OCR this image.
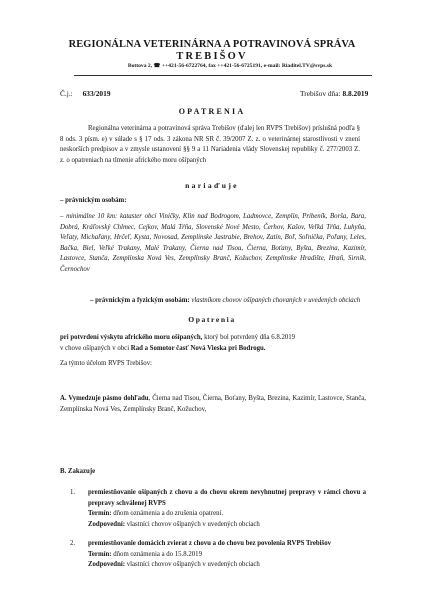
REGIONÁLNA VETERINÁRNA A POTRAVINOVÁ SPRÁVA
TREBIŠOV
Bottova 2, ☎ ++421-56-6722764, fax ++421-56-6725191, e-mail: Riaditel.TV@svps.sk
Č.j.: 633/2019	Trebišov dňa: 8.8.2019
OPATRENIA
Regionálna veterinárna a potravinová správa Trebišov (ďalej len RVPS Trebišov) príslušná podľa § 8 ods. 3 písm. e) v súlade s § 17 ods. 3 zákona NR SR č. 39/2007 Z. z. o veterinárnej starostlivosti v znení neskorších predpisov a v zmysle ustanovení §§ 9 a 11 Nariadenia vlády Slovenskej republiky č. 277/2003 Z. z. o opatreniach na tlmenie afrického moru ošípaných
nariaďuje
– právnickým osobám:
– minimálne 10 km: kataster obcí Viničky, Klin nad Bodrogom, Ladmovce, Zemplín, Pribeník, Borša, Bara, Dobrá, Kráľovský Chlmec, Cejkov, Malá Tŕňa, Slovenské Nové Mesto, Čerhov, Kašov, Veľká Tŕňa, Luhyňa, Veľaty, Michaľany, Hrčeľ, Kysta, Novosad, Zemplínske Jastrabie, Brehov, Zatín, Boľ, Soľnička, Poľany, Leles, Bačka, Biel, Veľké Trakany, Malé Trakany, Čierna nad Tisou, Čierna, Boťany, Byšta, Brezina, Kazimír, Lastovce, Stanča, Zemplínska Nová Ves, Zemplínsky Branč, Kožuchov, Zemplínske Hradište, Hraň, Sirník, Černochov
– právnickým a fyzickým osobám: vlastníkom chovov ošípaných chovaných v uvedených obciach
Opatrenia
pri potvrdení výskytu afrického moru ošípaných, ktorý bol potvrdený dňa 6.8.2019
v chove ošípaných v obci Rad a Somotor časť Nová Vieska pri Bodrogu.
Za týmto účelom RVPS Trebišov:
A. Vymedzuje pásmo dohľadu, Čierna nad Tisou, Čierna, Boťany, Byšta, Brezina, Kazimír, Lastovce, Stanča, Zemplínska Nová Ves, Zemplínsky Branč, Kožuchov,
B. Zakazuje
1. premiestňovanie ošípaných z chovu a do chovu okrem nevyhnutnej prepravy v rámci chovu a prepravy schválenej RVPS
Termín: dňom oznámenia a do zrušenia opatrení.
Zodpovední: vlastníci chovov ošípaných v uvedených obciach
2. premiestňovanie domácich zvierat z chovu a do chovu bez povolenia RVPS Trebišov
Termín: dňom oznámenia a do 15.8.2019
Zodpovední: vlastníci chovov ošípaných v uvedených obciach
